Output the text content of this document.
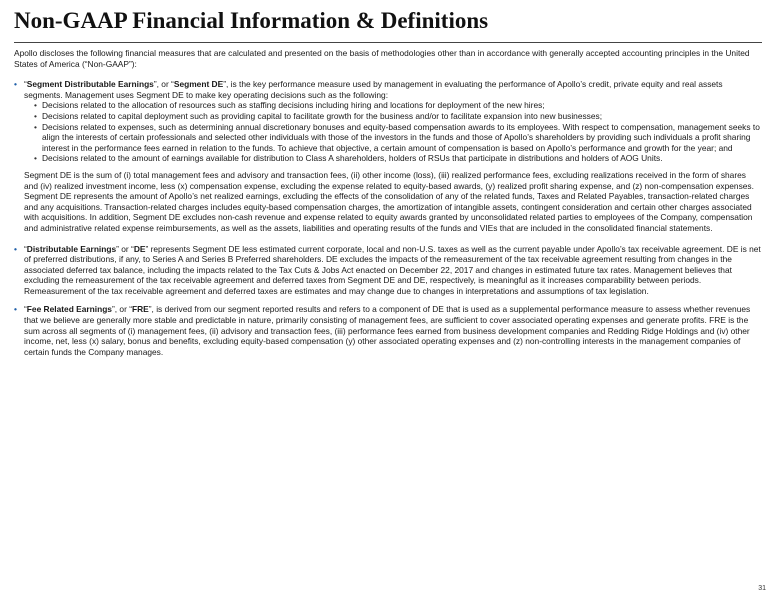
Non-GAAP Financial Information & Definitions

Apollo discloses the following financial measures that are calculated and presented on the basis of methodologies other than in accordance with generally accepted accounting principles in the United States of America (“Non-GAAP”):

• “Segment Distributable Earnings”, or “Segment DE”, is the key performance measure used by management in evaluating the performance of Apollo’s credit, private equity and real assets segments. Management uses Segment DE to make key operating decisions such as the following:
• Decisions related to the allocation of resources such as staffing decisions including hiring and locations for deployment of the new hires;
• Decisions related to capital deployment such as providing capital to facilitate growth for the business and/or to facilitate expansion into new businesses;
• Decisions related to expenses, such as determining annual discretionary bonuses and equity-based compensation awards to its employees. With respect to compensation, management seeks to align the interests of certain professionals and selected other individuals with those of the investors in the funds and those of Apollo’s shareholders by providing such individuals a profit sharing interest in the performance fees earned in relation to the funds. To achieve that objective, a certain amount of compensation is based on Apollo’s performance and growth for the year; and
• Decisions related to the amount of earnings available for distribution to Class A shareholders, holders of RSUs that participate in distributions and holders of AOG Units.

Segment DE is the sum of (i) total management fees and advisory and transaction fees, (ii) other income (loss), (iii) realized performance fees, excluding realizations received in the form of shares and (iv) realized investment income, less (x) compensation expense, excluding the expense related to equity-based awards, (y) realized profit sharing expense, and (z) non-compensation expenses. Segment DE represents the amount of Apollo’s net realized earnings, excluding the effects of the consolidation of any of the related funds, Taxes and Related Payables, transaction-related charges and any acquisitions. Transaction-related charges includes equity-based compensation charges, the amortization of intangible assets, contingent consideration and certain other charges associated with acquisitions. In addition, Segment DE excludes non-cash revenue and expense related to equity awards granted by unconsolidated related parties to employees of the Company, compensation and administrative related expense reimbursements, as well as the assets, liabilities and operating results of the funds and VIEs that are included in the consolidated financial statements.

• “Distributable Earnings” or “DE” represents Segment DE less estimated current corporate, local and non-U.S. taxes as well as the current payable under Apollo’s tax receivable agreement. DE is net of preferred distributions, if any, to Series A and Series B Preferred shareholders. DE excludes the impacts of the remeasurement of the tax receivable agreement resulting from changes in the associated deferred tax balance, including the impacts related to the Tax Cuts & Jobs Act enacted on December 22, 2017 and changes in estimated future tax rates. Management believes that excluding the remeasurement of the tax receivable agreement and deferred taxes from Segment DE and DE, respectively, is meaningful as it increases comparability between periods. Remeasurement of the tax receivable agreement and deferred taxes are estimates and may change due to changes in interpretations and assumptions of tax legislation.
• “Fee Related Earnings”, or “FRE”, is derived from our segment reported results and refers to a component of DE that is used as a supplemental performance measure to assess whether revenues that we believe are generally more stable and predictable in nature, primarily consisting of management fees, are sufficient to cover associated operating expenses and generate profits. FRE is the sum across all segments of (i) management fees, (ii) advisory and transaction fees, (iii) performance fees earned from business development companies and Redding Ridge Holdings and (iv) other income, net, less (x) salary, bonus and benefits, excluding equity-based compensation (y) other associated operating expenses and (z) non-controlling interests in the management companies of certain funds the Company manages.
31
